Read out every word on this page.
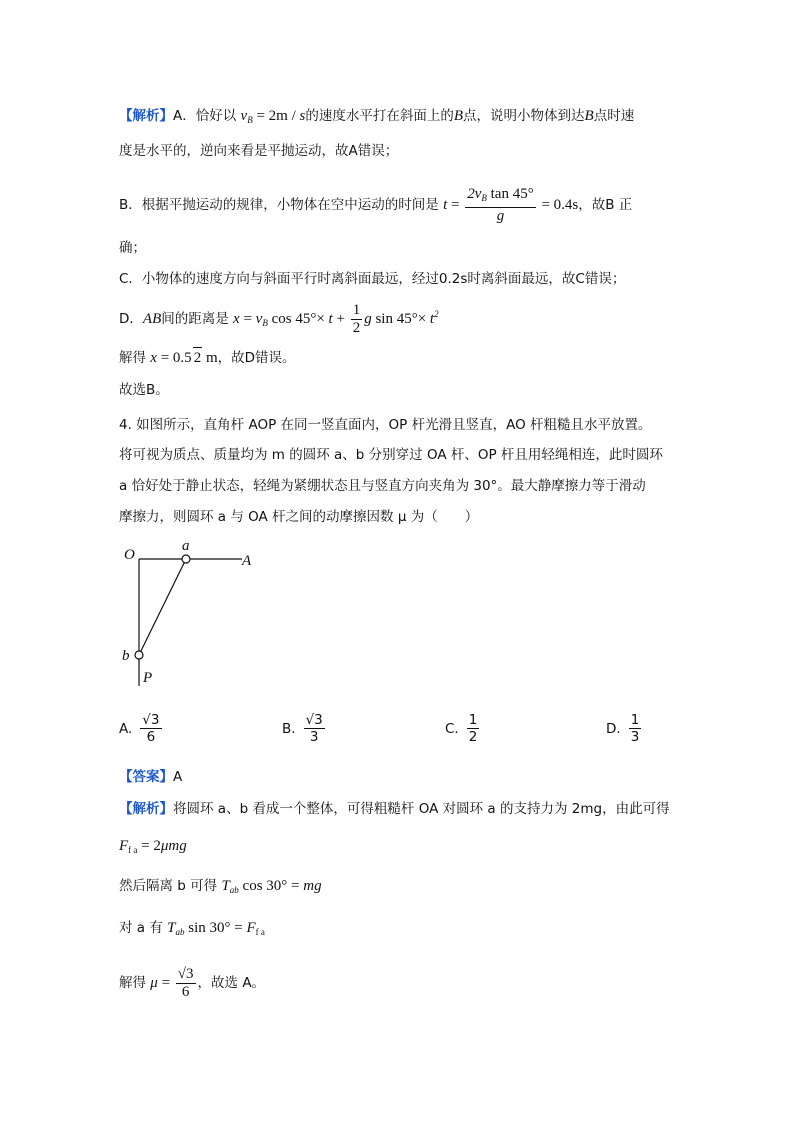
【解析】A．恰好以 $v_B = 2m / s$的速度水平打在斜面上的B点，说明小物体到达B点时速
度是水平的，逆向来看是平抛运动，故A错误；
B．根据平抛运动的规律，小物体在空中运动的时间是 $t = \frac{2v_B \tan 45^\circ}{g} = 0.4s$，故B 正
确；
C．小物体的速度方向与斜面平行时离斜面最远，经过0.2s时离斜面最远，故C错误；
D．AB间的距离是 $x = v_B$ $\cos 45^\circ\times t + \frac{1}{2}$ g $\sin 45^\circ\times t^2$
解得 x = 0.5 2 m，故D错误。
故选B。
4. 如图所示，直角杆 AOP 在同一竖直面内，OP 杆光滑且竖直，AO 杆粗糙且水平放置。
将可视为质点、质量均为 m 的圆环 a、b 分别穿过 OA 杆、OP 杆且用轻绳相连，此时圆环
a 恰好处于静止状态，轻绳为紧绷状态且与竖直方向夹角为 30°。最大静摩擦力等于滑动
摩擦力，则圆环 a 与 OA 杆之间的动摩擦因数 μ 为（　　）
O
a
A
b
P
A. $\frac{√3}{6}$	B. $\frac{√3}{3}$	C. $\frac{1}{2}$	D. $\frac{1}{3}$
【答案】A
【解析】将圆环 a、b 看成一个整体，可得粗糙杆 OA 对圆环 a 的支持力为 2mg，由此可得
$F_{f a} = 2\mu mg$
然后隔离 b 可得 $T_{ab}$ cos 30° = mg
对 a 有 $T_{ab}$ $\sin 30^\circ = F_{f a}$
解得 $\mu = \frac{√3}{6}$ ，故选 A。
